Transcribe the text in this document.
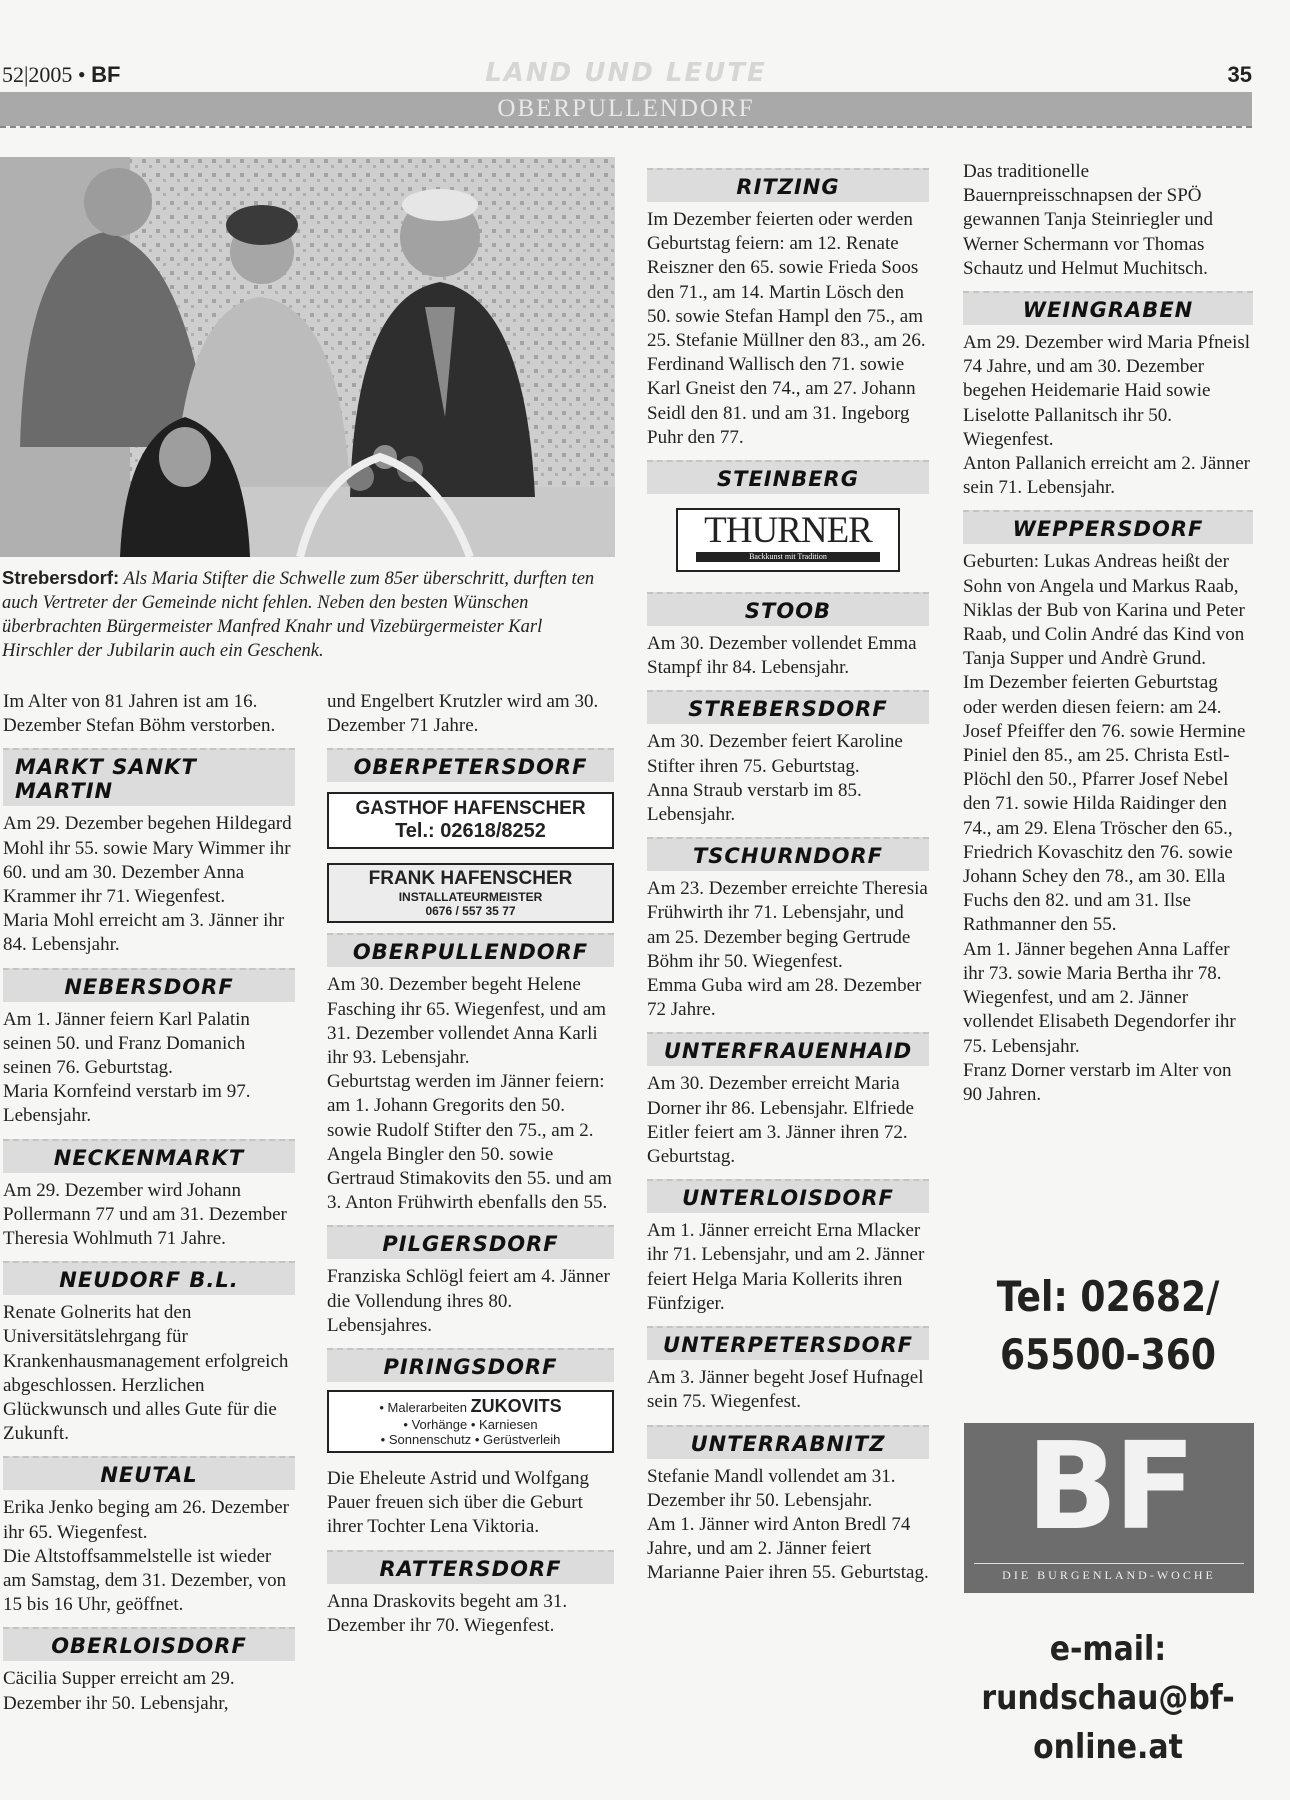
52|2005 • BF	LAND UND LEUTE	35
OBERPULLENDORF
Strebersdorf: Als Maria Stifter die Schwelle zum 85er überschritt, durften ten auch Vertreter der Gemeinde nicht fehlen. Neben den besten Wünschen überbrachten Bürgermeister Manfred Knahr und Vizebürgermeister Karl Hirschler der Jubilarin auch ein Geschenk.

Im Alter von 81 Jahren ist am 16. Dezember Stefan Böhm verstorben.

MARKT SANKT MARTIN

Am 29. Dezember begehen Hildegard Mohl ihr 55. sowie Mary Wimmer ihr 60. und am 30. Dezember Anna Krammer ihr 71. Wiegenfest.

Maria Mohl erreicht am 3. Jänner ihr 84. Lebensjahr.

NEBERSDORF

Am 1. Jänner feiern Karl Palatin seinen 50. und Franz Domanich seinen 76. Geburtstag.

Maria Kornfeind verstarb im 97. Lebensjahr.

NECKENMARKT

Am 29. Dezember wird Johann Pollermann 77 und am 31. Dezember Theresia Wohlmuth 71 Jahre.

NEUDORF B.L.

Renate Golnerits hat den Universitätslehrgang für Krankenhausmanagement erfolgreich abgeschlossen. Herzlichen Glückwunsch und alles Gute für die Zukunft.

NEUTAL

Erika Jenko beging am 26. Dezember ihr 65. Wiegenfest.

Die Altstoffsammelstelle ist wieder am Samstag, dem 31. Dezember, von 15 bis 16 Uhr, geöffnet.

OBERLOISDORF

Cäcilia Supper erreicht am 29. Dezember ihr 50. Lebensjahr,

und Engelbert Krutzler wird am 30. Dezember 71 Jahre.

OBERPETERSDORF
GASTHOF HAFENSCHER
Tel.: 02618/8252
FRANK HAFENSCHER
INSTALLATEURMEISTER
0676 / 557 35 77
OBERPULLENDORF

Am 30. Dezember begeht Helene Fasching ihr 65. Wiegenfest, und am 31. Dezember vollendet Anna Karli ihr 93. Lebensjahr.

Geburtstag werden im Jänner feiern: am 1. Johann Gregorits den 50. sowie Rudolf Stifter den 75., am 2. Angela Bingler den 50. sowie Gertraud Stimakovits den 55. und am 3. Anton Frühwirth ebenfalls den 55.

PILGERSDORF

Franziska Schlögl feiert am 4. Jänner die Vollendung ihres 80. Lebensjahres.

PIRINGSDORF
• Malerarbeiten ZUKOVITS
• Vorhänge • Karniesen
• Sonnenschutz • Gerüstverleih

Die Eheleute Astrid und Wolfgang Pauer freuen sich über die Geburt ihrer Tochter Lena Viktoria.

RATTERSDORF

Anna Draskovits begeht am 31. Dezember ihr 70. Wiegenfest.

RITZING

Im Dezember feierten oder werden Geburtstag feiern: am 12. Renate Reiszner den 65. sowie Frieda Soos den 71., am 14. Martin Lösch den 50. sowie Stefan Hampl den 75., am 25. Stefanie Müllner den 83., am 26. Ferdinand Wallisch den 71. sowie Karl Gneist den 74., am 27. Johann Seidl den 81. und am 31. Ingeborg Puhr den 77.

STEINBERG
THURNER
Backkunst mit Tradition
STOOB

Am 30. Dezember vollendet Emma Stampf ihr 84. Lebensjahr.

STREBERSDORF

Am 30. Dezember feiert Karoline Stifter ihren 75. Geburtstag.

Anna Straub verstarb im 85. Lebensjahr.

TSCHURNDORF

Am 23. Dezember erreichte Theresia Frühwirth ihr 71. Lebensjahr, und am 25. Dezember beging Gertrude Böhm ihr 50. Wiegenfest.

Emma Guba wird am 28. Dezember 72 Jahre.

UNTERFRAUENHAID

Am 30. Dezember erreicht Maria Dorner ihr 86. Lebensjahr. Elfriede Eitler feiert am 3. Jänner ihren 72. Geburtstag.

UNTERLOISDORF

Am 1. Jänner erreicht Erna Mlacker ihr 71. Lebensjahr, und am 2. Jänner feiert Helga Maria Kollerits ihren Fünfziger.

UNTERPETERSDORF

Am 3. Jänner begeht Josef Hufnagel sein 75. Wiegenfest.

UNTERRABNITZ

Stefanie Mandl vollendet am 31. Dezember ihr 50. Lebensjahr.

Am 1. Jänner wird Anton Bredl 74 Jahre, und am 2. Jänner feiert Marianne Paier ihren 55. Geburtstag.

Das traditionelle Bauernpreisschnapsen der SPÖ gewannen Tanja Steinriegler und Werner Schermann vor Thomas Schautz und Helmut Muchitsch.

WEINGRABEN

Am 29. Dezember wird Maria Pfneisl 74 Jahre, und am 30. Dezember begehen Heidemarie Haid sowie Liselotte Pallanitsch ihr 50. Wiegenfest.

Anton Pallanich erreicht am 2. Jänner sein 71. Lebensjahr.

WEPPERSDORF

Geburten: Lukas Andreas heißt der Sohn von Angela und Markus Raab, Niklas der Bub von Karina und Peter Raab, und Colin André das Kind von Tanja Supper und Andrè Grund.

Im Dezember feierten Geburtstag oder werden diesen feiern: am 24. Josef Pfeiffer den 76. sowie Hermine Piniel den 85., am 25. Christa Estl-Plöchl den 50., Pfarrer Josef Nebel den 71. sowie Hilda Raidinger den 74., am 29. Elena Tröscher den 65., Friedrich Kovaschitz den 76. sowie Johann Schey den 78., am 30. Ella Fuchs den 82. und am 31. Ilse Rathmanner den 55.

Am 1. Jänner begehen Anna Laffer ihr 73. sowie Maria Bertha ihr 78. Wiegenfest, und am 2. Jänner vollendet Elisabeth Degendorfer ihr 75. Lebensjahr.

Franz Dorner verstarb im Alter von 90 Jahren.

Tel: 02682/ 65500-360
BF
DIE BURGENLAND-WOCHE
e-mail:
rundschau@bf-online.at
